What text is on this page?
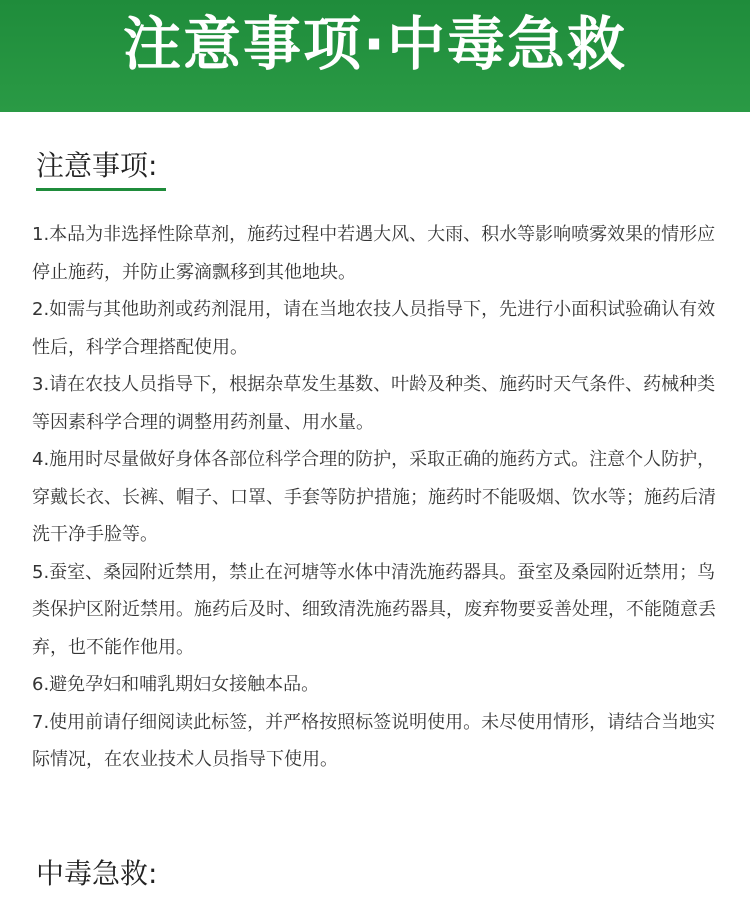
注意事项·中毒急救
注意事项:
1.本品为非选择性除草剂，施药过程中若遇大风、大雨、积水等影响喷雾效果的情形应停止施药，并防止雾滴飘移到其他地块。
2.如需与其他助剂或药剂混用，请在当地农技人员指导下，先进行小面积试验确认有效性后，科学合理搭配使用。
3.请在农技人员指导下，根据杂草发生基数、叶龄及种类、施药时天气条件、药械种类等因素科学合理的调整用药剂量、用水量。
4.施用时尽量做好身体各部位科学合理的防护，采取正确的施药方式。注意个人防护，穿戴长衣、长裤、帽子、口罩、手套等防护措施；施药时不能吸烟、饮水等；施药后清洗干净手脸等。
5.蚕室、桑园附近禁用，禁止在河塘等水体中清洗施药器具。蚕室及桑园附近禁用；鸟类保护区附近禁用。施药后及时、细致清洗施药器具，废弃物要妥善处理，不能随意丢弃，也不能作他用。
6.避免孕妇和哺乳期妇女接触本品。
7.使用前请仔细阅读此标签，并严格按照标签说明使用。未尽使用情形，请结合当地实际情况，在农业技术人员指导下使用。
中毒急救:
